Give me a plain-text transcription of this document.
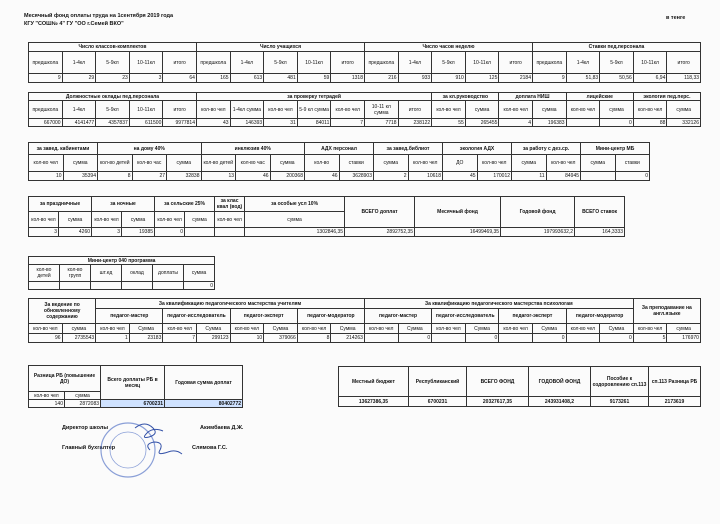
Месячный фонд оплаты труда на 1сентября 2019 года
КГУ "СОШ№ 4" ГУ "ОО г.Семей ВКО"
в тенге
Число классов-комплектов					Число учащихся					Число часов неделю					Ставки пед.персонала				
предшкола	1-4кл	5-9кл	10-11кл	итого	предшкола	1-4кл	5-9кл	10-11кл	итого	предшкола	1-4кл	5-9кл	10-11кл	итого	предшкола	1-4кл	5-9кл	10-11кл	итого
9	29	23	3	64	165	613	481	59	1318	216	933	910	125	2184	9	51,83	50,56	6,94	118,33
Должностные оклады пед.персонала					за проверку тетрадей							за кл.руководство		доплата НИШ		лицейские		экология пед.перс.	
предшкола	1-4кл	5-9кл	10-11кл	итого	кол-во чел	1-4кл сумма	кол-во чел	5-9 кл сумма	кол-во чел	10-11 кл сумма	итого	кол-во чел	сумма	кол-во чел	сумма	кол-во чел	сумма	кол-во чел	сумма
667000	4141477	4357837	611500	9977814	43	146393	31	84011	7	7718	238122	55	265455	4	196383		0	88	332126
за завед. кабинетами		на дому 40%			инклюзив 40%			АДХ персонал		за завед.библиот		экология АДХ		за работу с дез.ср.		Мини-центр МБ		
кол-во чел	сумма	кол-во детей	кол-во час	сумма	кол-во детей	кол-во час	сумма	кол-во	ставки	сумма	кол-во чел	ДО	кол-во чел	сумма	кол-во чел	сумма	ставки	
10	35394	8	27	32838	13	46	200368	46	3628903	2	10618	45	170012	11	84945		0	
за праздничные		за ночные		за сельские 25%		за клас квал (вод)	за особые усл 10%	ВСЕГО доплат	Месячный фонд	Годовой фонд	ВСЕГО ставок
кол-во чел	сумма	кол-во чел	сумма	кол-во чел	сумма	кол-во чел	сумма				
3	4260	3	19385	0			1302846,35	2892752,35	16499469,35	197993632,2	164,3333
Мини-центр 040 программа					
кол-во детей	кол-во групп	шт.ед	оклад	доплаты	сумма
					0
За ведение по обновленному содержанию		За квалификацию педагогического мастерства учителям								За квалификацию педагогического мастерства психологам								За преподавание на англ.языке	
		педагог-мастер		педагог-исследователь		педагог-эксперт		педагог-модератор		педагог-мастер		педагог-исследователь		педагог-эксперт		педагог-модератор			
кол-во чел	сумма	кол-во чел	Сумма	кол-во чел	Сумма	кол-во чел	Сумма	кол-во чел	Сумма	кол-во чел	Сумма	кол-во чел	Сумма	кол-во чел	Сумма	кол-во чел	Сумма	кол-во чел	сумма
96	2735543	1	23183	7	299123	10	379066	8	214263		0		0		0		0	5	176970
Разница РБ (повышение ДО)		Всего доплаты РБ в месяц	Годовая сумма доплат
кол-во чел	сумма		
140	2872083	6700231	80402772
Местный бюджет	Республиканский	ВСЕГО ФОНД	ГОДОВОЙ ФОНД	Пособие к оздоровлению сп.113	сп.113 Разница РБ
13627386,35	6700231	20327617,35	243931408,2	9173261	2173619
Директор школы	Акимбаева Д.Ж.
Главный бухгалтер	Слямова Г.С.
